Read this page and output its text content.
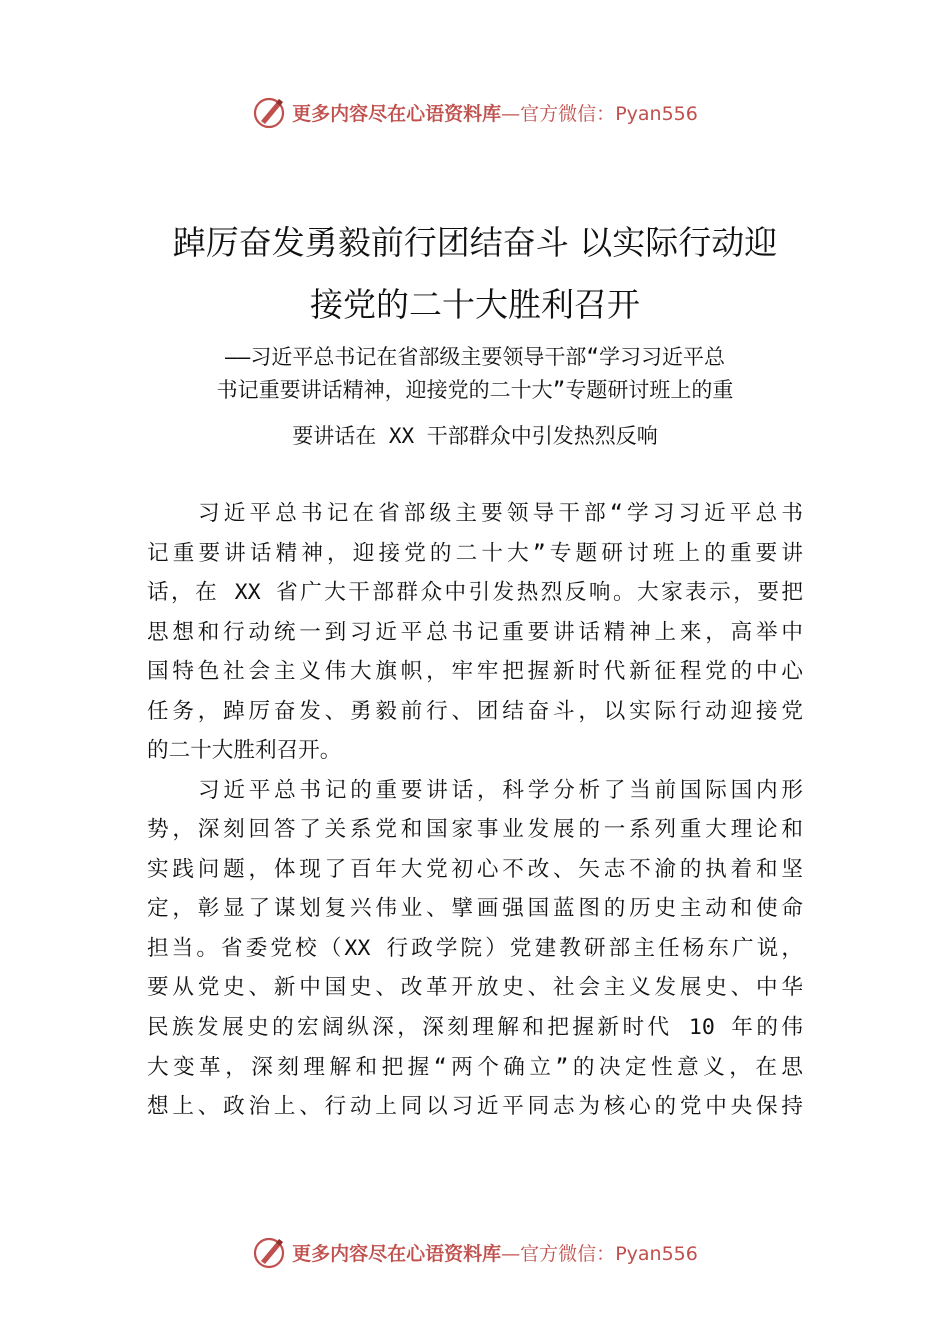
更多内容尽在心语资料库—官方微信：Pyan556
踔厉奋发勇毅前行团结奋斗 以实际行动迎
接党的二十大胜利召开
——习近平总书记在省部级主要领导干部“学习习近平总
书记重要讲话精神，迎接党的二十大”专题研讨班上的重
要讲话在 XX 干部群众中引发热烈反响
习近平总书记在省部级主要领导干部“学习习近平总书
记重要讲话精神，迎接党的二十大”专题研讨班上的重要讲
话，在 XX 省广大干部群众中引发热烈反响。大家表示，要把
思想和行动统一到习近平总书记重要讲话精神上来，高举中
国特色社会主义伟大旗帜，牢牢把握新时代新征程党的中心
任务，踔厉奋发、勇毅前行、团结奋斗，以实际行动迎接党
的二十大胜利召开。
习近平总书记的重要讲话，科学分析了当前国际国内形
势，深刻回答了关系党和国家事业发展的一系列重大理论和
实践问题，体现了百年大党初心不改、矢志不渝的执着和坚
定，彰显了谋划复兴伟业、擘画强国蓝图的历史主动和使命
担当。省委党校（XX 行政学院）党建教研部主任杨东广说，
要从党史、新中国史、改革开放史、社会主义发展史、中华
民族发展史的宏阔纵深，深刻理解和把握新时代 10 年的伟
大变革，深刻理解和把握“两个确立”的决定性意义，在思
想上、政治上、行动上同以习近平同志为核心的党中央保持
更多内容尽在心语资料库—官方微信：Pyan556
